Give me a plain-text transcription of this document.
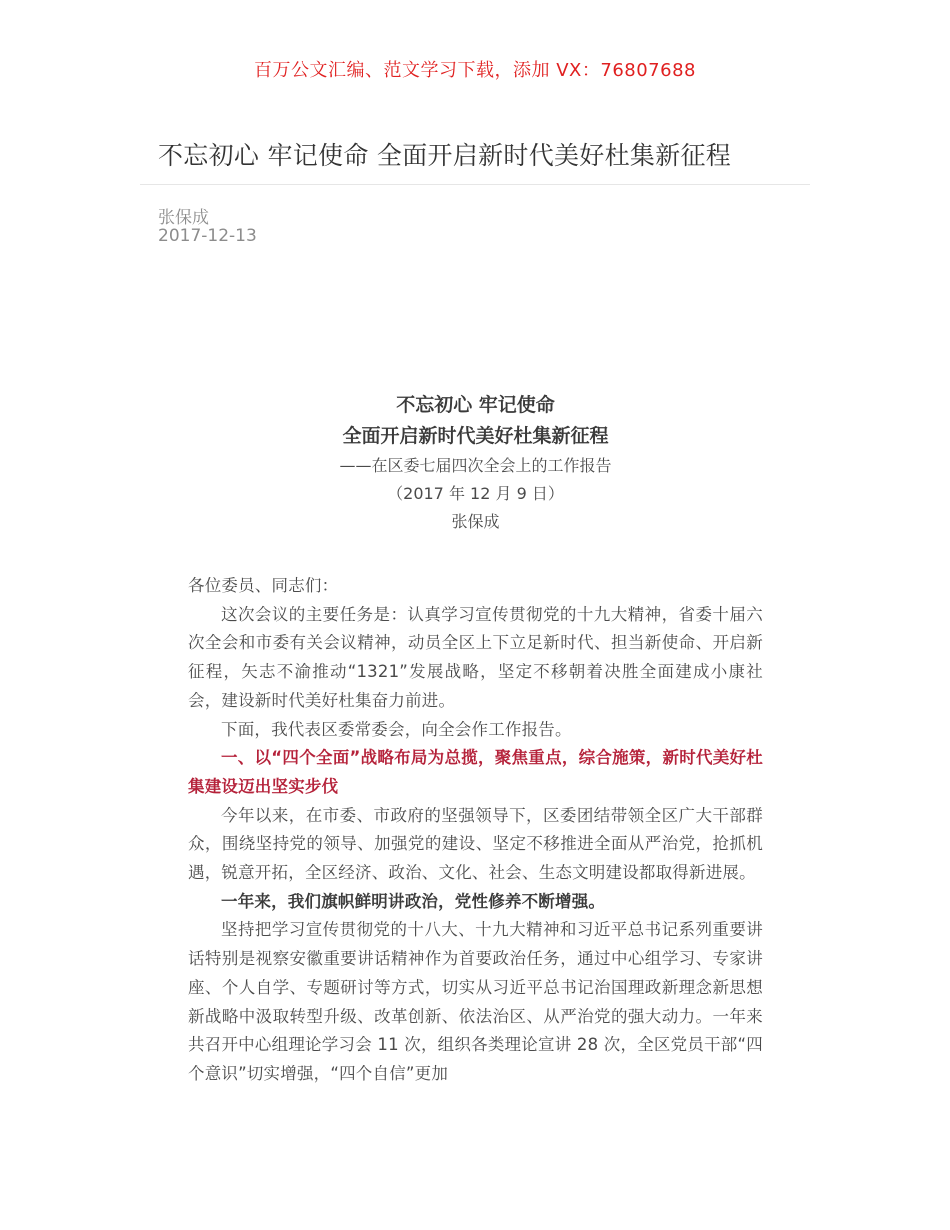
百万公文汇编、范文学习下载，添加 VX：76807688
不忘初心 牢记使命 全面开启新时代美好杜集新征程
张保成
2017-12-13
不忘初心 牢记使命
全面开启新时代美好杜集新征程
——在区委七届四次全会上的工作报告
（2017 年 12 月 9 日）
张保成

各位委员、同志们：

这次会议的主要任务是：认真学习宣传贯彻党的十九大精神，省委十届六次全会和市委有关会议精神，动员全区上下立足新时代、担当新使命、开启新征程，矢志不渝推动“1321”发展战略，坚定不移朝着决胜全面建成小康社会，建设新时代美好杜集奋力前进。

下面，我代表区委常委会，向全会作工作报告。

一、以“四个全面”战略布局为总揽，聚焦重点，综合施策，新时代美好杜集建设迈出坚实步伐

今年以来，在市委、市政府的坚强领导下，区委团结带领全区广大干部群众，围绕坚持党的领导、加强党的建设、坚定不移推进全面从严治党，抢抓机遇，锐意开拓，全区经济、政治、文化、社会、生态文明建设都取得新进展。

一年来，我们旗帜鲜明讲政治，党性修养不断增强。

坚持把学习宣传贯彻党的十八大、十九大精神和习近平总书记系列重要讲话特别是视察安徽重要讲话精神作为首要政治任务，通过中心组学习、专家讲座、个人自学、专题研讨等方式，切实从习近平总书记治国理政新理念新思想新战略中汲取转型升级、改革创新、依法治区、从严治党的强大动力。一年来共召开中心组理论学习会 11 次，组织各类理论宣讲 28 次，全区党员干部“四个意识”切实增强，“四个自信”更加
